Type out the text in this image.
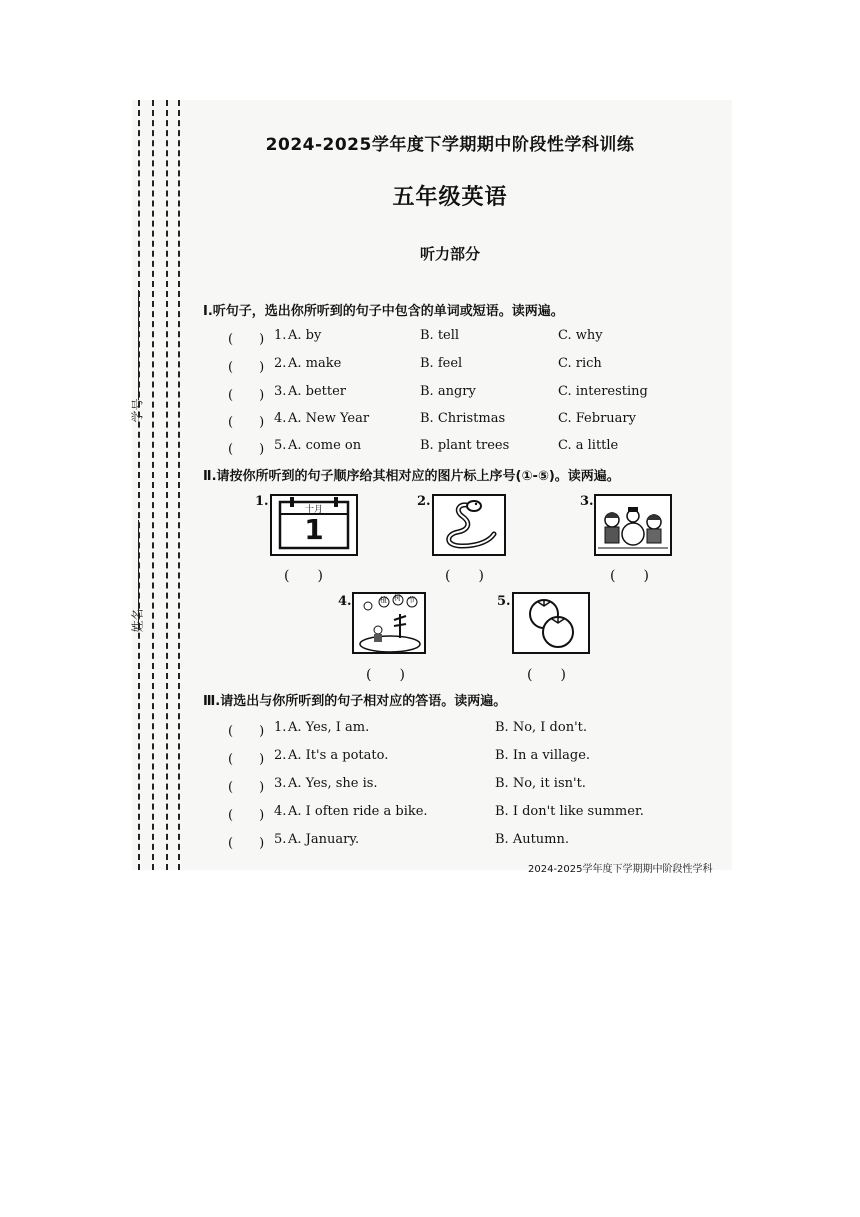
学号
姓名
2024-2025学年度下学期期中阶段性学科训练
五年级英语
听力部分
Ⅰ.听句子，选出你所听到的句子中包含的单词或短语。读两遍。
(　　) 1. A. by	B. tell	C. why
(　　) 2. A. make	B. feel	C. rich
(　　) 3. A. better	B. angry	C. interesting
(　　) 4. A. New Year	B. Christmas	C. February
(　　) 5. A. come on	B. plant trees	C. a little
Ⅱ.请按你所听到的句子顺序给其相对应的图片标上序号(①-⑤)。读两遍。
1.
十月
1
(　　)
2.
(　　)
3.
(　　)
4.	植 树 节
(　　)
5.
(　　)
Ⅲ.请选出与你所听到的句子相对应的答语。读两遍。
(　　) 1. A. Yes, I am.	B. No, I don't.
(　　) 2. A. It's a potato.	B. In a village.
(　　) 3. A. Yes, she is.	B. No, it isn't.
(　　) 4. A. I often ride a bike.	B. I don't like summer.
(　　) 5. A. January.	B. Autumn.
2024-2025学年度下学期期中阶段性学科
